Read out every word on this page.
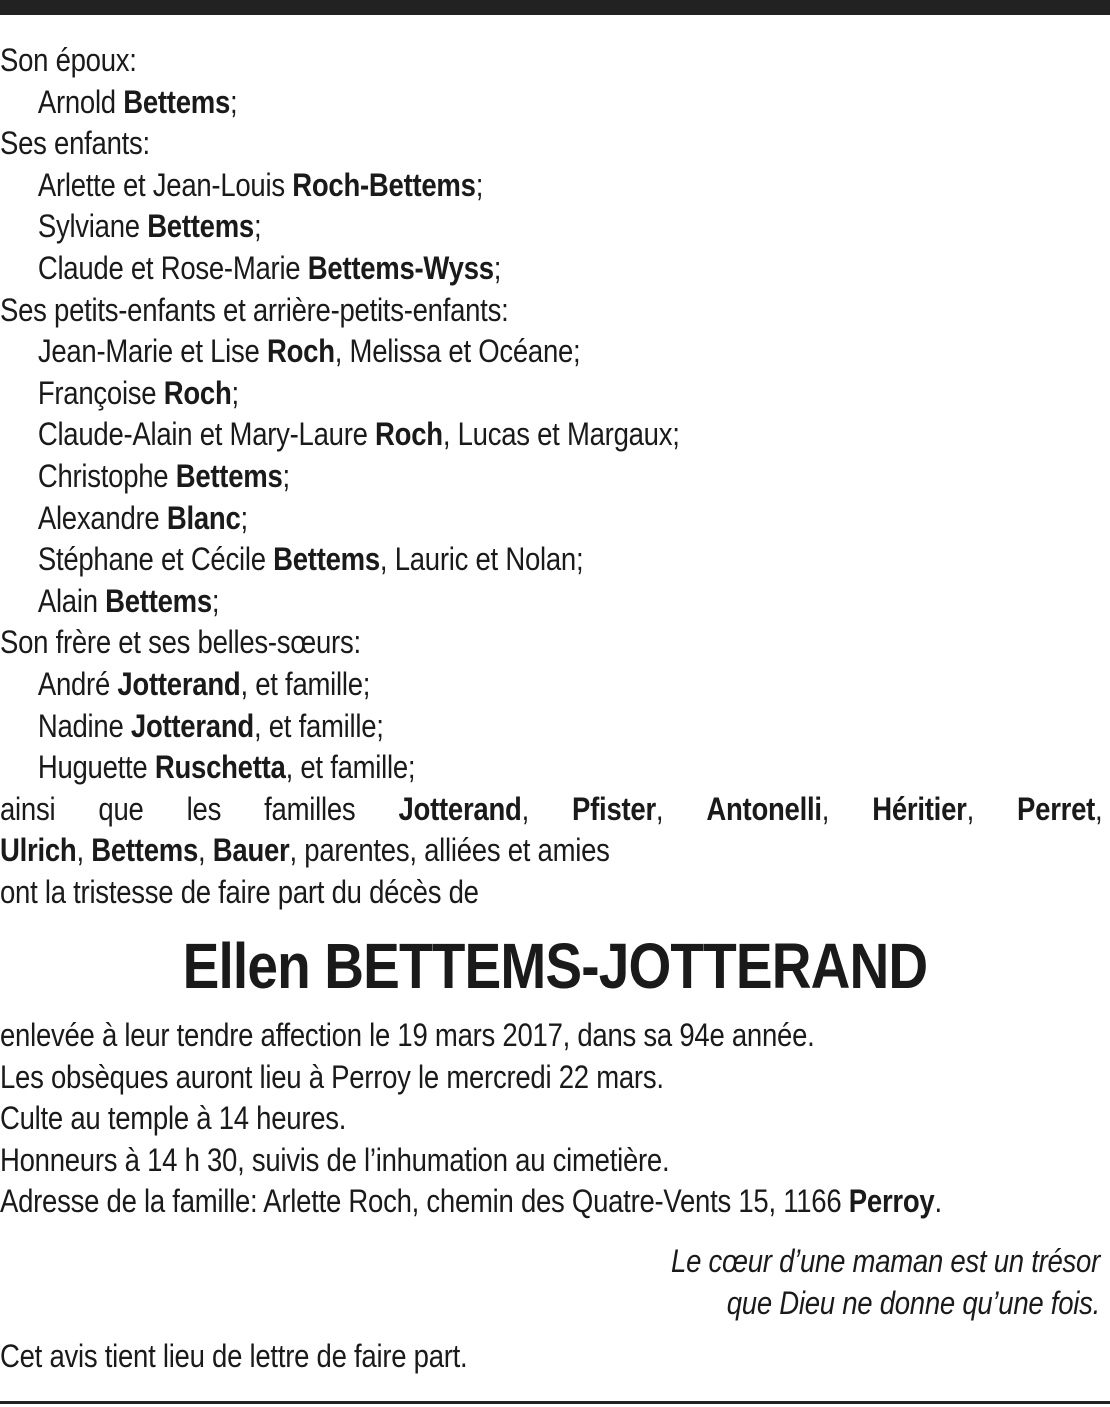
Son époux:
Arnold Bettems;
Ses enfants:
Arlette et Jean-Louis Roch-Bettems;
Sylviane Bettems;
Claude et Rose-Marie Bettems-Wyss;
Ses petits-enfants et arrière-petits-enfants:
Jean-Marie et Lise Roch, Melissa et Océane;
Françoise Roch;
Claude-Alain et Mary-Laure Roch, Lucas et Margaux;
Christophe Bettems;
Alexandre Blanc;
Stéphane et Cécile Bettems, Lauric et Nolan;
Alain Bettems;
Son frère et ses belles-sœurs:
André Jotterand, et famille;
Nadine Jotterand, et famille;
Huguette Ruschetta, et famille;
ainsi que les familles Jotterand, Pfister, Antonelli, Héritier, Perret,
Ulrich, Bettems, Bauer, parentes, alliées et amies
ont la tristesse de faire part du décès de
Ellen BETTEMS-JOTTERAND
enlevée à leur tendre affection le 19 mars 2017, dans sa 94e année.
Les obsèques auront lieu à Perroy le mercredi 22 mars.
Culte au temple à 14 heures.
Honneurs à 14 h 30, suivis de l’inhumation au cimetière.
Adresse de la famille: Arlette Roch, chemin des Quatre-Vents 15, 1166 Perroy.
Le cœur d’une maman est un trésor
que Dieu ne donne qu’une fois.
Cet avis tient lieu de lettre de faire part.
